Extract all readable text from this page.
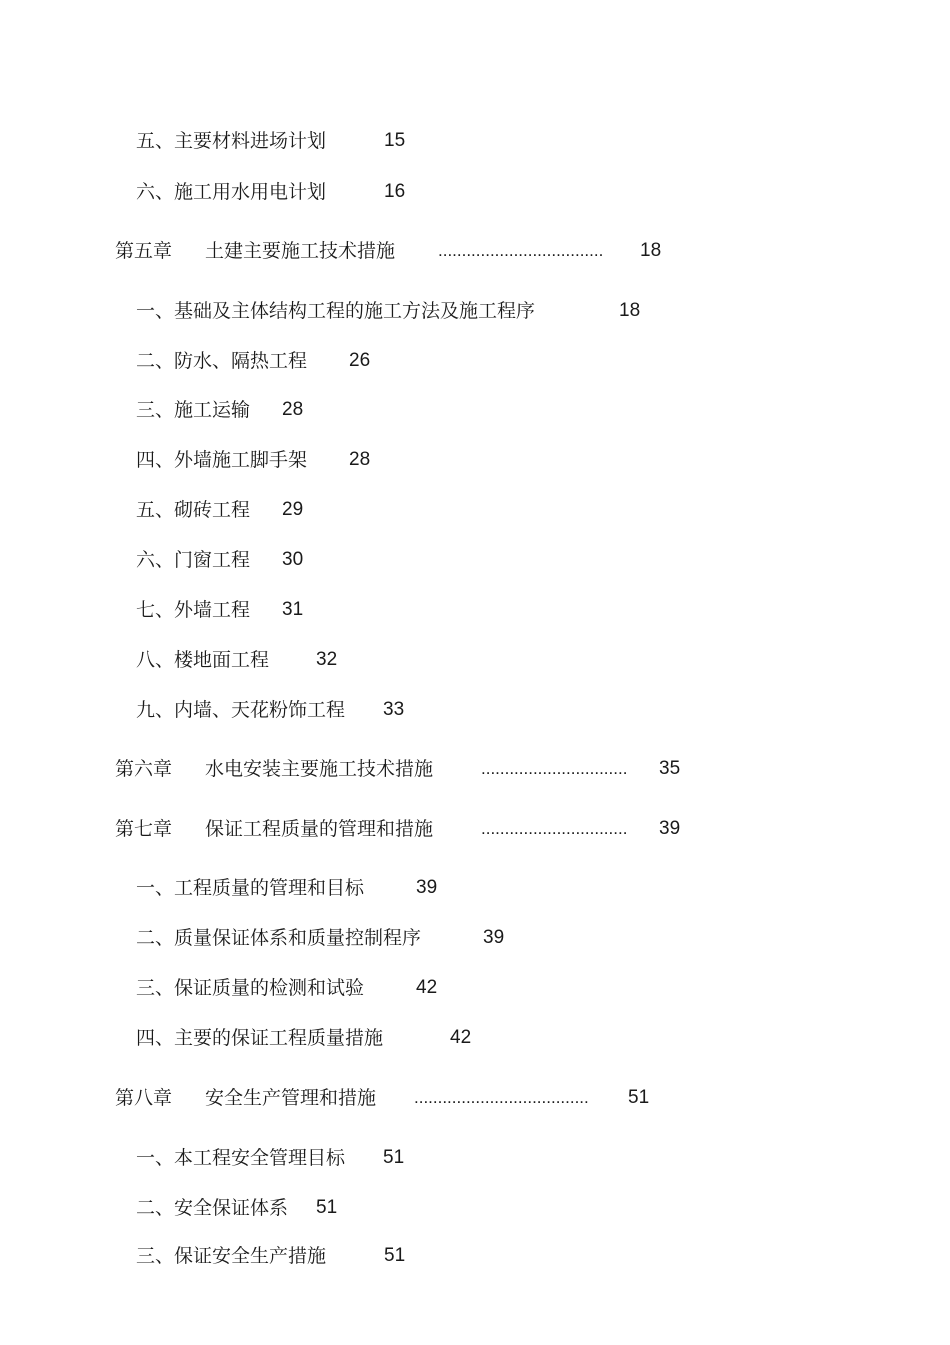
五、主要材料进场计划	15
六、施工用水用电计划	16
第五章 土建主要施工技术措施	................................... 18
一、基础及主体结构工程的施工方法及施工程序	18
二、防水、隔热工程 26
三、施工运输 28
四、外墙施工脚手架 28
五、砌砖工程 29
六、门窗工程 30
七、外墙工程 31
八、楼地面工程 32
九、内墙、天花粉饰工程 33
第六章 水电安装主要施工技术措施	............................... 35
第七章 保证工程质量的管理和措施	............................... 39
一、工程质量的管理和目标	39
二、质量保证体系和质量控制程序	39
三、保证质量的检测和试验	42
四、主要的保证工程质量措施	42
第八章 安全生产管理和措施 ..................................... 51
一、本工程安全管理目标 51
二、安全保证体系 51
三、保证安全生产措施	51
